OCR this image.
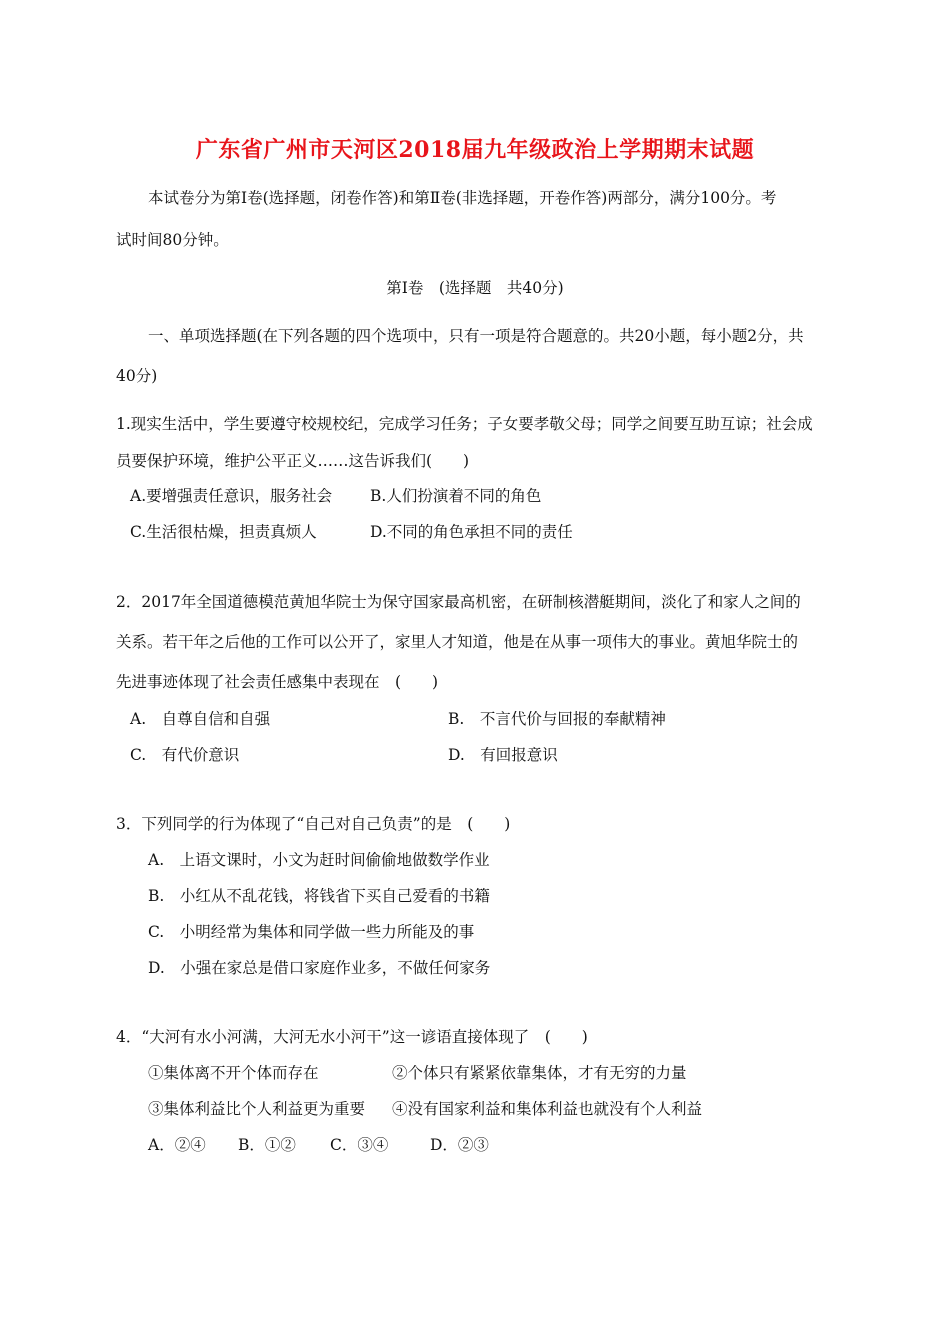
广东省广州市天河区2018届九年级政治上学期期末试题
本试卷分为第Ⅰ卷(选择题，闭卷作答)和第Ⅱ卷(非选择题，开卷作答)两部分，满分100分。考
试时间80分钟。
第Ⅰ卷　(选择题　共40分)
一、单项选择题(在下列各题的四个选项中，只有一项是符合题意的。共20小题，每小题2分，共
40分)
1.现实生活中，学生要遵守校规校纪，完成学习任务；子女要孝敬父母；同学之间要互助互谅；社会成
员要保护环境，维护公平正义……这告诉我们(　　)
A.要增强责任意识，服务社会 B.人们扮演着不同的角色
C.生活很枯燥，担责真烦人	D.不同的角色承担不同的责任
2．2017年全国道德模范黄旭华院士为保守国家最高机密，在研制核潜艇期间，淡化了和家人之间的
关系。若干年之后他的工作可以公开了，家里人才知道，他是在从事一项伟大的事业。黄旭华院士的
先进事迹体现了社会责任感集中表现在　(　　)
A.　自尊自信和自强	B.　不言代价与回报的奉献精神
C.　有代价意识	D.　有回报意识
3．下列同学的行为体现了“自己对自己负责”的是　(　　)
A.　上语文课时，小文为赶时间偷偷地做数学作业
B.　小红从不乱花钱，将钱省下买自己爱看的书籍
C.　小明经常为集体和同学做一些力所能及的事
D.　小强在家总是借口家庭作业多，不做任何家务
4．“大河有水小河满，大河无水小河干”这一谚语直接体现了　(　　)
①集体离不开个体而存在	②个体只有紧紧依靠集体，才有无穷的力量
③集体利益比个人利益更为重要 ④没有国家利益和集体利益也就没有个人利益
A．②④ B．①② C．③④	D．②③
